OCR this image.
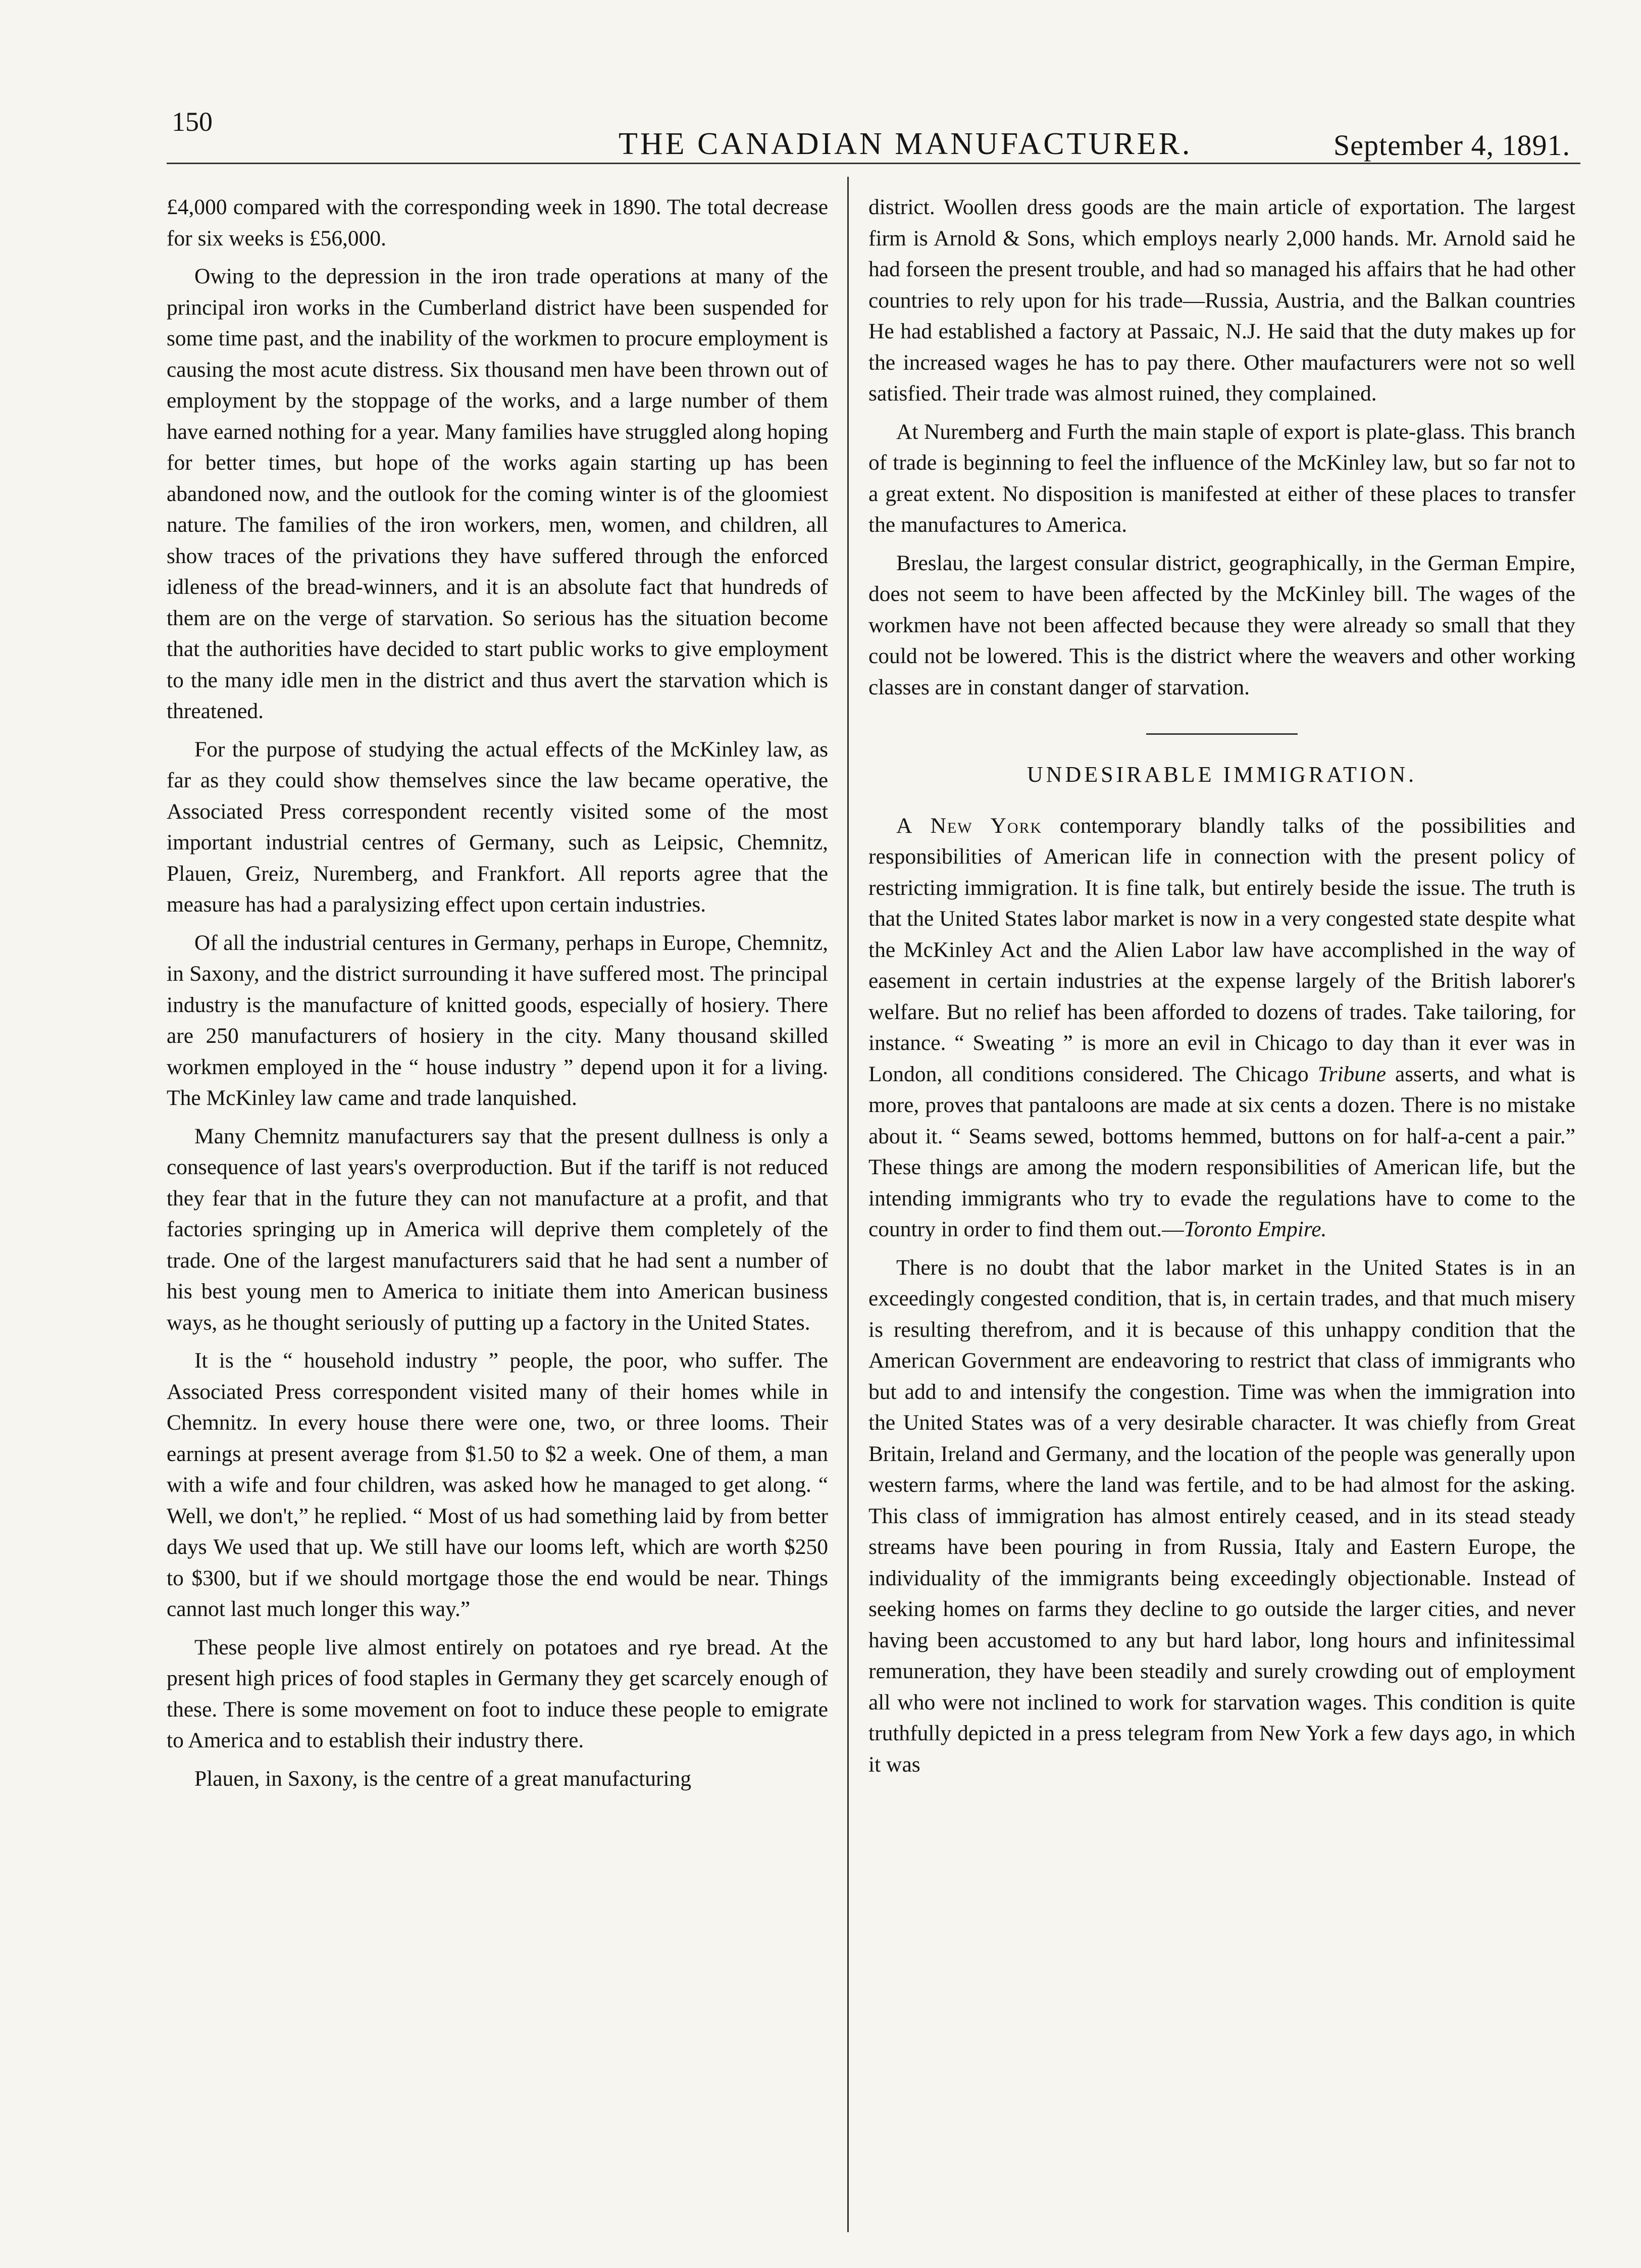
150
THE CANADIAN MANUFACTURER.	September 4, 1891.

£4,000 compared with the corresponding week in 1890. The total decrease for six weeks is £56,000.

Owing to the depression in the iron trade operations at many of the principal iron works in the Cumberland district have been suspended for some time past, and the inability of the workmen to procure employment is causing the most acute distress. Six thousand men have been thrown out of employment by the stoppage of the works, and a large number of them have earned nothing for a year. Many families have struggled along hoping for better times, but hope of the works again starting up has been abandoned now, and the outlook for the coming winter is of the gloomiest nature. The families of the iron workers, men, women, and children, all show traces of the privations they have suffered through the enforced idleness of the bread-winners, and it is an absolute fact that hundreds of them are on the verge of starvation. So serious has the situation become that the authorities have decided to start public works to give employment to the many idle men in the district and thus avert the starvation which is threatened.

For the purpose of studying the actual effects of the McKinley law, as far as they could show themselves since the law became operative, the Associated Press correspondent recently visited some of the most important industrial centres of Germany, such as Leipsic, Chemnitz, Plauen, Greiz, Nuremberg, and Frankfort. All reports agree that the measure has had a paralysizing effect upon certain industries.

Of all the industrial centures in Germany, perhaps in Europe, Chemnitz, in Saxony, and the district surrounding it have suffered most. The principal industry is the manufacture of knitted goods, especially of hosiery. There are 250 manufacturers of hosiery in the city. Many thousand skilled workmen employed in the “ house industry ” depend upon it for a living. The McKinley law came and trade lanquished.

Many Chemnitz manufacturers say that the present dullness is only a consequence of last years's overproduction. But if the tariff is not reduced they fear that in the future they can not manufacture at a profit, and that factories springing up in America will deprive them completely of the trade. One of the largest manufacturers said that he had sent a number of his best young men to America to initiate them into American business ways, as he thought seriously of putting up a factory in the United States.

It is the “ household industry ” people, the poor, who suffer. The Associated Press correspondent visited many of their homes while in Chemnitz. In every house there were one, two, or three looms. Their earnings at present average from $1.50 to $2 a week. One of them, a man with a wife and four children, was asked how he managed to get along. “ Well, we don't,” he replied. “ Most of us had something laid by from better days We used that up. We still have our looms left, which are worth $250 to $300, but if we should mortgage those the end would be near. Things cannot last much longer this way.”

These people live almost entirely on potatoes and rye bread. At the present high prices of food staples in Germany they get scarcely enough of these. There is some movement on foot to induce these people to emigrate to America and to establish their industry there.

Plauen, in Saxony, is the centre of a great manufacturing

district. Woollen dress goods are the main article of exportation. The largest firm is Arnold & Sons, which employs nearly 2,000 hands. Mr. Arnold said he had forseen the present trouble, and had so managed his affairs that he had other countries to rely upon for his trade—Russia, Austria, and the Balkan countries He had established a factory at Passaic, N.J. He said that the duty makes up for the increased wages he has to pay there. Other maufacturers were not so well satisfied. Their trade was almost ruined, they complained.

At Nuremberg and Furth the main staple of export is plate-glass. This branch of trade is beginning to feel the influence of the McKinley law, but so far not to a great extent. No disposition is manifested at either of these places to transfer the manufactures to America.

Breslau, the largest consular district, geographically, in the German Empire, does not seem to have been affected by the McKinley bill. The wages of the workmen have not been affected because they were already so small that they could not be lowered. This is the district where the weavers and other working classes are in constant danger of starvation.

UNDESIRABLE IMMIGRATION.

A New York contemporary blandly talks of the possibilities and responsibilities of American life in connection with the present policy of restricting immigration. It is fine talk, but entirely beside the issue. The truth is that the United States labor market is now in a very congested state despite what the McKinley Act and the Alien Labor law have accomplished in the way of easement in certain industries at the expense largely of the British laborer's welfare. But no relief has been afforded to dozens of trades. Take tailoring, for instance. “ Sweating ” is more an evil in Chicago to day than it ever was in London, all conditions considered. The Chicago Tribune asserts, and what is more, proves that pantaloons are made at six cents a dozen. There is no mistake about it. “ Seams sewed, bottoms hemmed, buttons on for half-a-cent a pair.” These things are among the modern responsibilities of American life, but the intending immigrants who try to evade the regulations have to come to the country in order to find them out.—Toronto Empire.

There is no doubt that the labor market in the United States is in an exceedingly congested condition, that is, in certain trades, and that much misery is resulting therefrom, and it is because of this unhappy condition that the American Government are endeavoring to restrict that class of immigrants who but add to and intensify the congestion. Time was when the immigration into the United States was of a very desirable character. It was chiefly from Great Britain, Ireland and Germany, and the location of the people was generally upon western farms, where the land was fertile, and to be had almost for the asking. This class of immigration has almost entirely ceased, and in its stead steady streams have been pouring in from Russia, Italy and Eastern Europe, the individuality of the immigrants being exceedingly objectionable. Instead of seeking homes on farms they decline to go outside the larger cities, and never having been accustomed to any but hard labor, long hours and infinitessimal remuneration, they have been steadily and surely crowding out of employment all who were not inclined to work for starvation wages. This condition is quite truthfully depicted in a press telegram from New York a few days ago, in which it was
